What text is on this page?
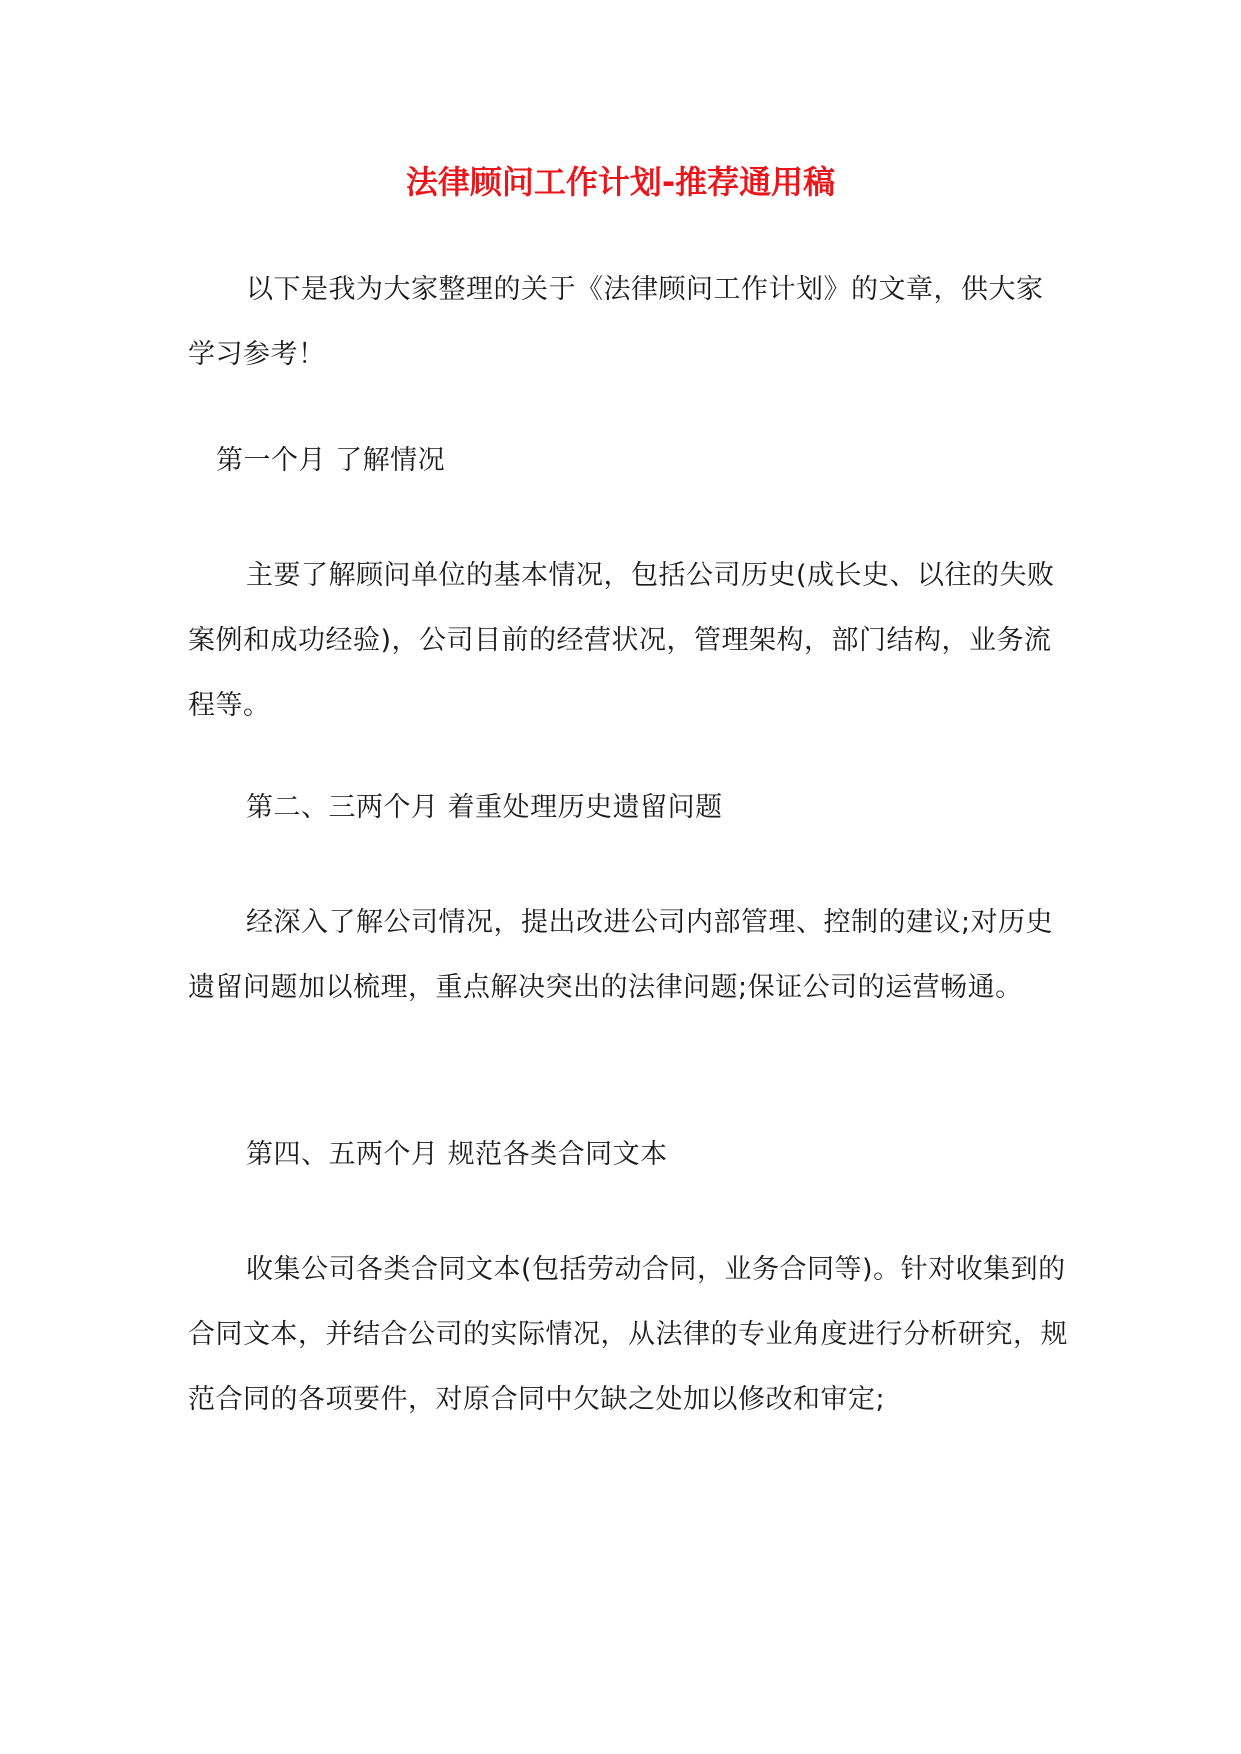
法律顾问工作计划-推荐通用稿

以下是我为大家整理的关于《法律顾问工作计划》的文章，供大家学习参考！

第一个月 了解情况

主要了解顾问单位的基本情况，包括公司历史(成长史、以往的失败案例和成功经验)，公司目前的经营状况，管理架构，部门结构，业务流程等。

第二、三两个月 着重处理历史遗留问题

经深入了解公司情况，提出改进公司内部管理、控制的建议;对历史遗留问题加以梳理，重点解决突出的法律问题;保证公司的运营畅通。

第四、五两个月 规范各类合同文本

收集公司各类合同文本(包括劳动合同，业务合同等)。针对收集到的合同文本，并结合公司的实际情况，从法律的专业角度进行分析研究，规范合同的各项要件，对原合同中欠缺之处加以修改和审定;
